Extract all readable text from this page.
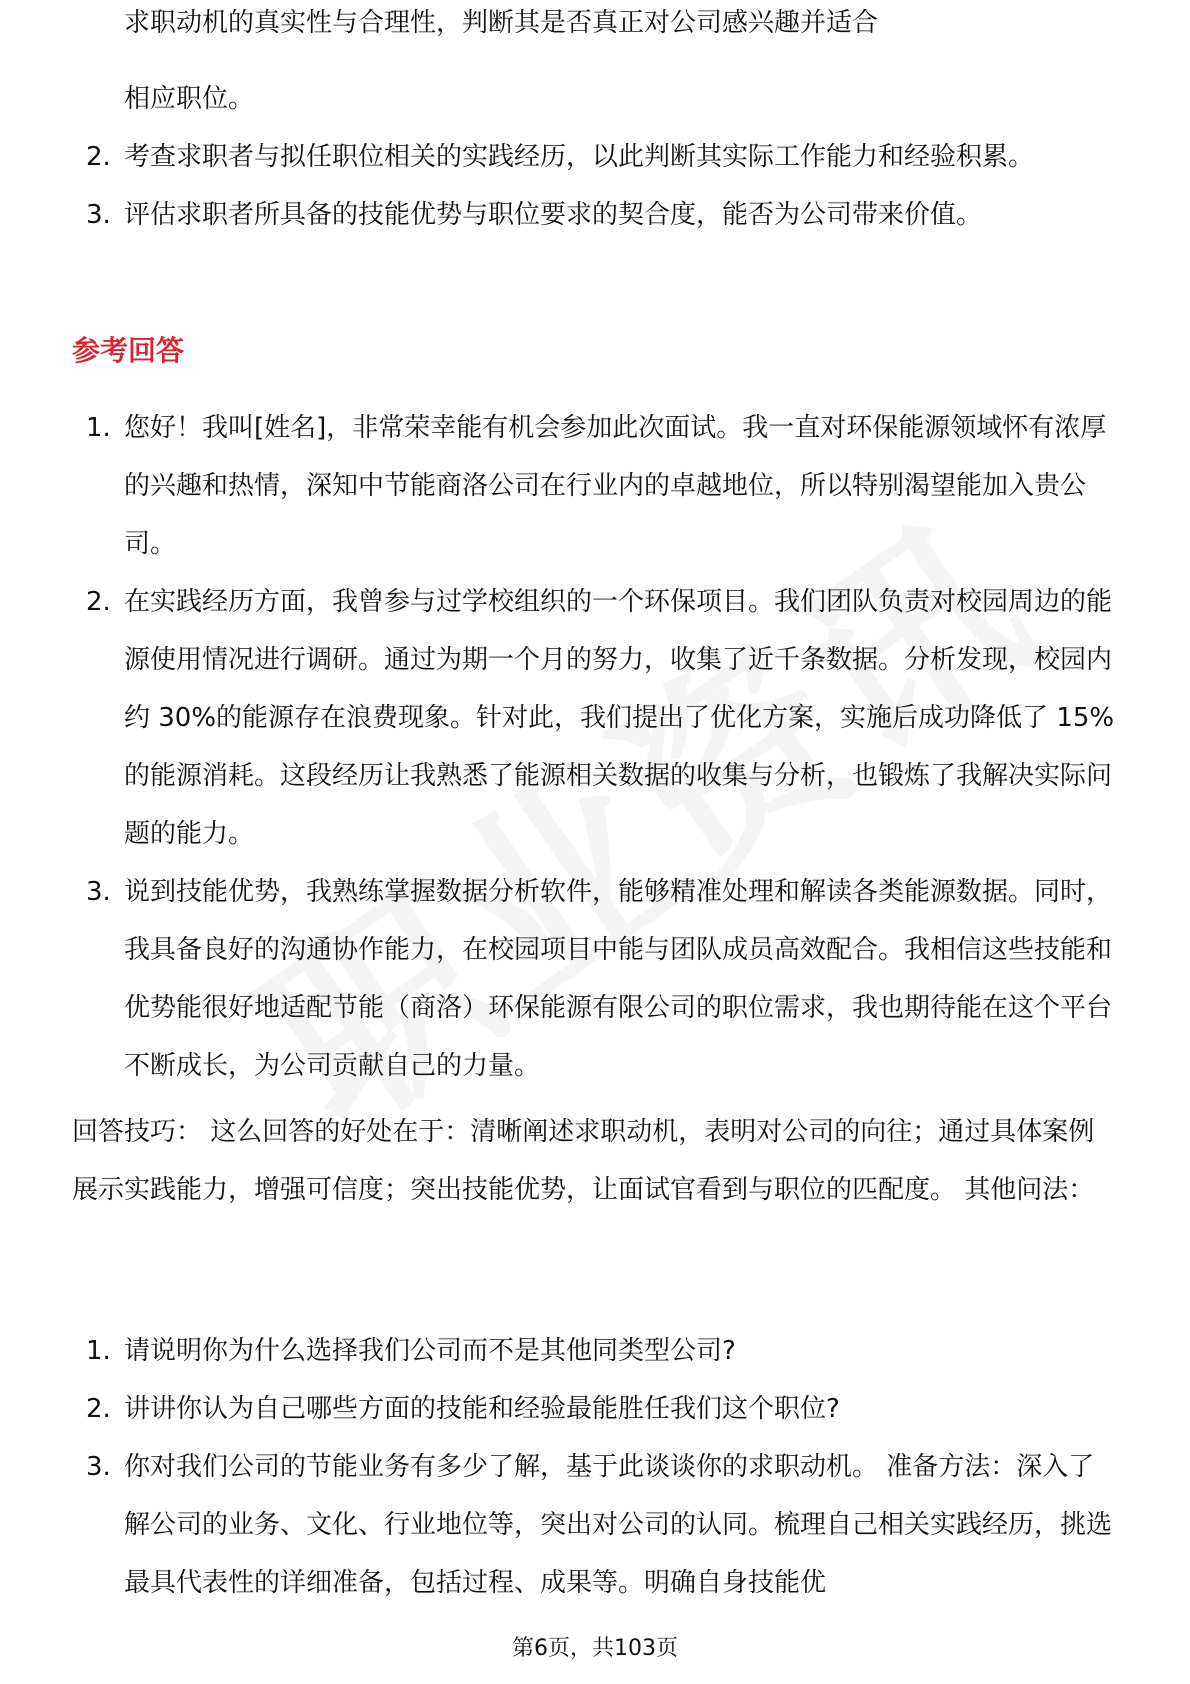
求职动机的真实性与合理性，判断其是否真正对公司感兴趣并适合
相应职位。
2. 考查求职者与拟任职位相关的实践经历，以此判断其实际工作能力和经验积累。
3. 评估求职者所具备的技能优势与职位要求的契合度，能否为公司带来价值。
参考回答
1. 您好！我叫[姓名]，非常荣幸能有机会参加此次面试。我一直对环保能源领域怀有浓厚的兴趣和热情，深知中节能商洛公司在行业内的卓越地位，所以特别渴望能加入贵公司。
2. 在实践经历方面，我曾参与过学校组织的一个环保项目。我们团队负责对校园周边的能源使用情况进行调研。通过为期一个月的努力，收集了近千条数据。分析发现，校园内约 30%的能源存在浪费现象。针对此，我们提出了优化方案，实施后成功降低了 15%的能源消耗。这段经历让我熟悉了能源相关数据的收集与分析，也锻炼了我解决实际问题的能力。
3. 说到技能优势，我熟练掌握数据分析软件，能够精准处理和解读各类能源数据。同时，我具备良好的沟通协作能力，在校园项目中能与团队成员高效配合。我相信这些技能和优势能很好地适配节能（商洛）环保能源有限公司的职位需求，我也期待能在这个平台不断成长，为公司贡献自己的力量。
回答技巧： 这么回答的好处在于：清晰阐述求职动机，表明对公司的向往；通过具体案例展示实践能力，增强可信度；突出技能优势，让面试官看到与职位的匹配度。 其他问法：
1. 请说明你为什么选择我们公司而不是其他同类型公司?
2. 讲讲你认为自己哪些方面的技能和经验最能胜任我们这个职位?
3. 你对我们公司的节能业务有多少了解，基于此谈谈你的求职动机。 准备方法：深入了解公司的业务、文化、行业地位等，突出对公司的认同。梳理自己相关实践经历，挑选最具代表性的详细准备，包括过程、成果等。明确自身技能优
第6页，共103页
